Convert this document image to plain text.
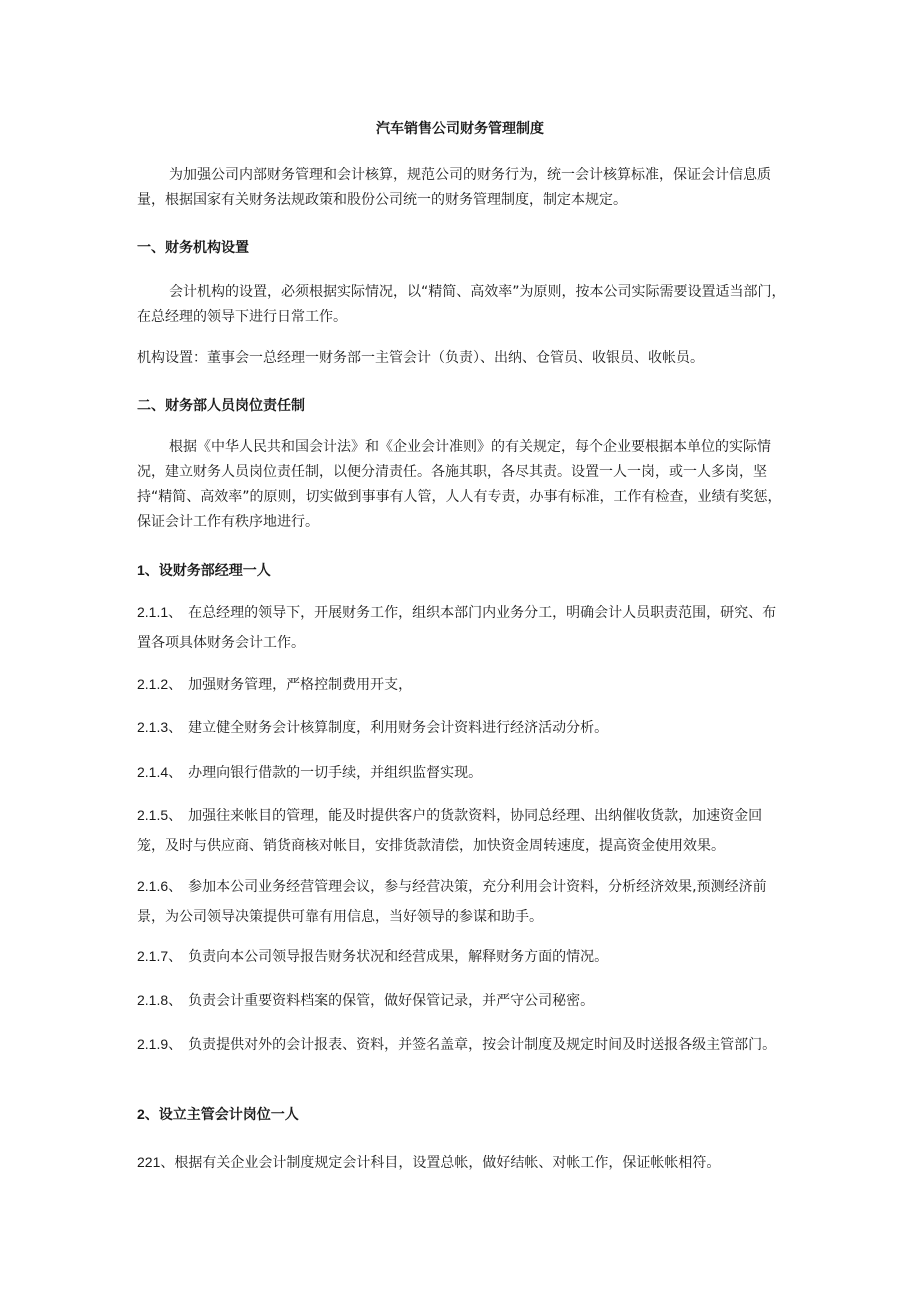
汽车销售公司财务管理制度
为加强公司内部财务管理和会计核算，规范公司的财务行为，统一会计核算标准，保证会计信息质量，根据国家有关财务法规政策和股份公司统一的财务管理制度，制定本规定。
一、财务机构设置
会计机构的设置，必须根据实际情况，以“精简、高效率”为原则，按本公司实际需要设置适当部门，在总经理的领导下进行日常工作。
机构设置：董事会一总经理一财务部一主管会计（负责）、出纳、仓管员、收银员、收帐员。
二、财务部人员岗位责任制
根据《中华人民共和国会计法》和《企业会计准则》的有关规定，每个企业要根据本单位的实际情况，建立财务人员岗位责任制，以便分清责任。各施其职，各尽其责。设置一人一岗，或一人多岗，坚持“精简、高效率”的原则，切实做到事事有人管，人人有专责，办事有标准，工作有检查，业绩有奖惩，保证会计工作有秩序地进行。
1、设财务部经理一人
2.1.1、 在总经理的领导下，开展财务工作，组织本部门内业务分工，明确会计人员职责范围，研究、布置各项具体财务会计工作。
2.1.2、 加强财务管理，严格控制费用开支，
2.1.3、 建立健全财务会计核算制度，利用财务会计资料进行经济活动分析。
2.1.4、 办理向银行借款的一切手续，并组织监督实现。
2.1.5、 加强往来帐目的管理，能及时提供客户的货款资料，协同总经理、出纳催收货款，加速资金回笼，及时与供应商、销货商核对帐目，安排货款清偿，加快资金周转速度，提高资金使用效果。
2.1.6、 参加本公司业务经营管理会议，参与经营决策，充分利用会计资料，分析经济效果,预测经济前景，为公司领导决策提供可靠有用信息，当好领导的参谋和助手。
2.1.7、 负责向本公司领导报告财务状况和经营成果，解释财务方面的情况。
2.1.8、 负责会计重要资料档案的保管，做好保管记录，并严守公司秘密。
2.1.9、 负责提供对外的会计报表、资料，并签名盖章，按会计制度及规定时间及时送报各级主管部门。
2、设立主管会计岗位一人
221、根据有关企业会计制度规定会计科目，设置总帐，做好结帐、对帐工作，保证帐帐相符。
